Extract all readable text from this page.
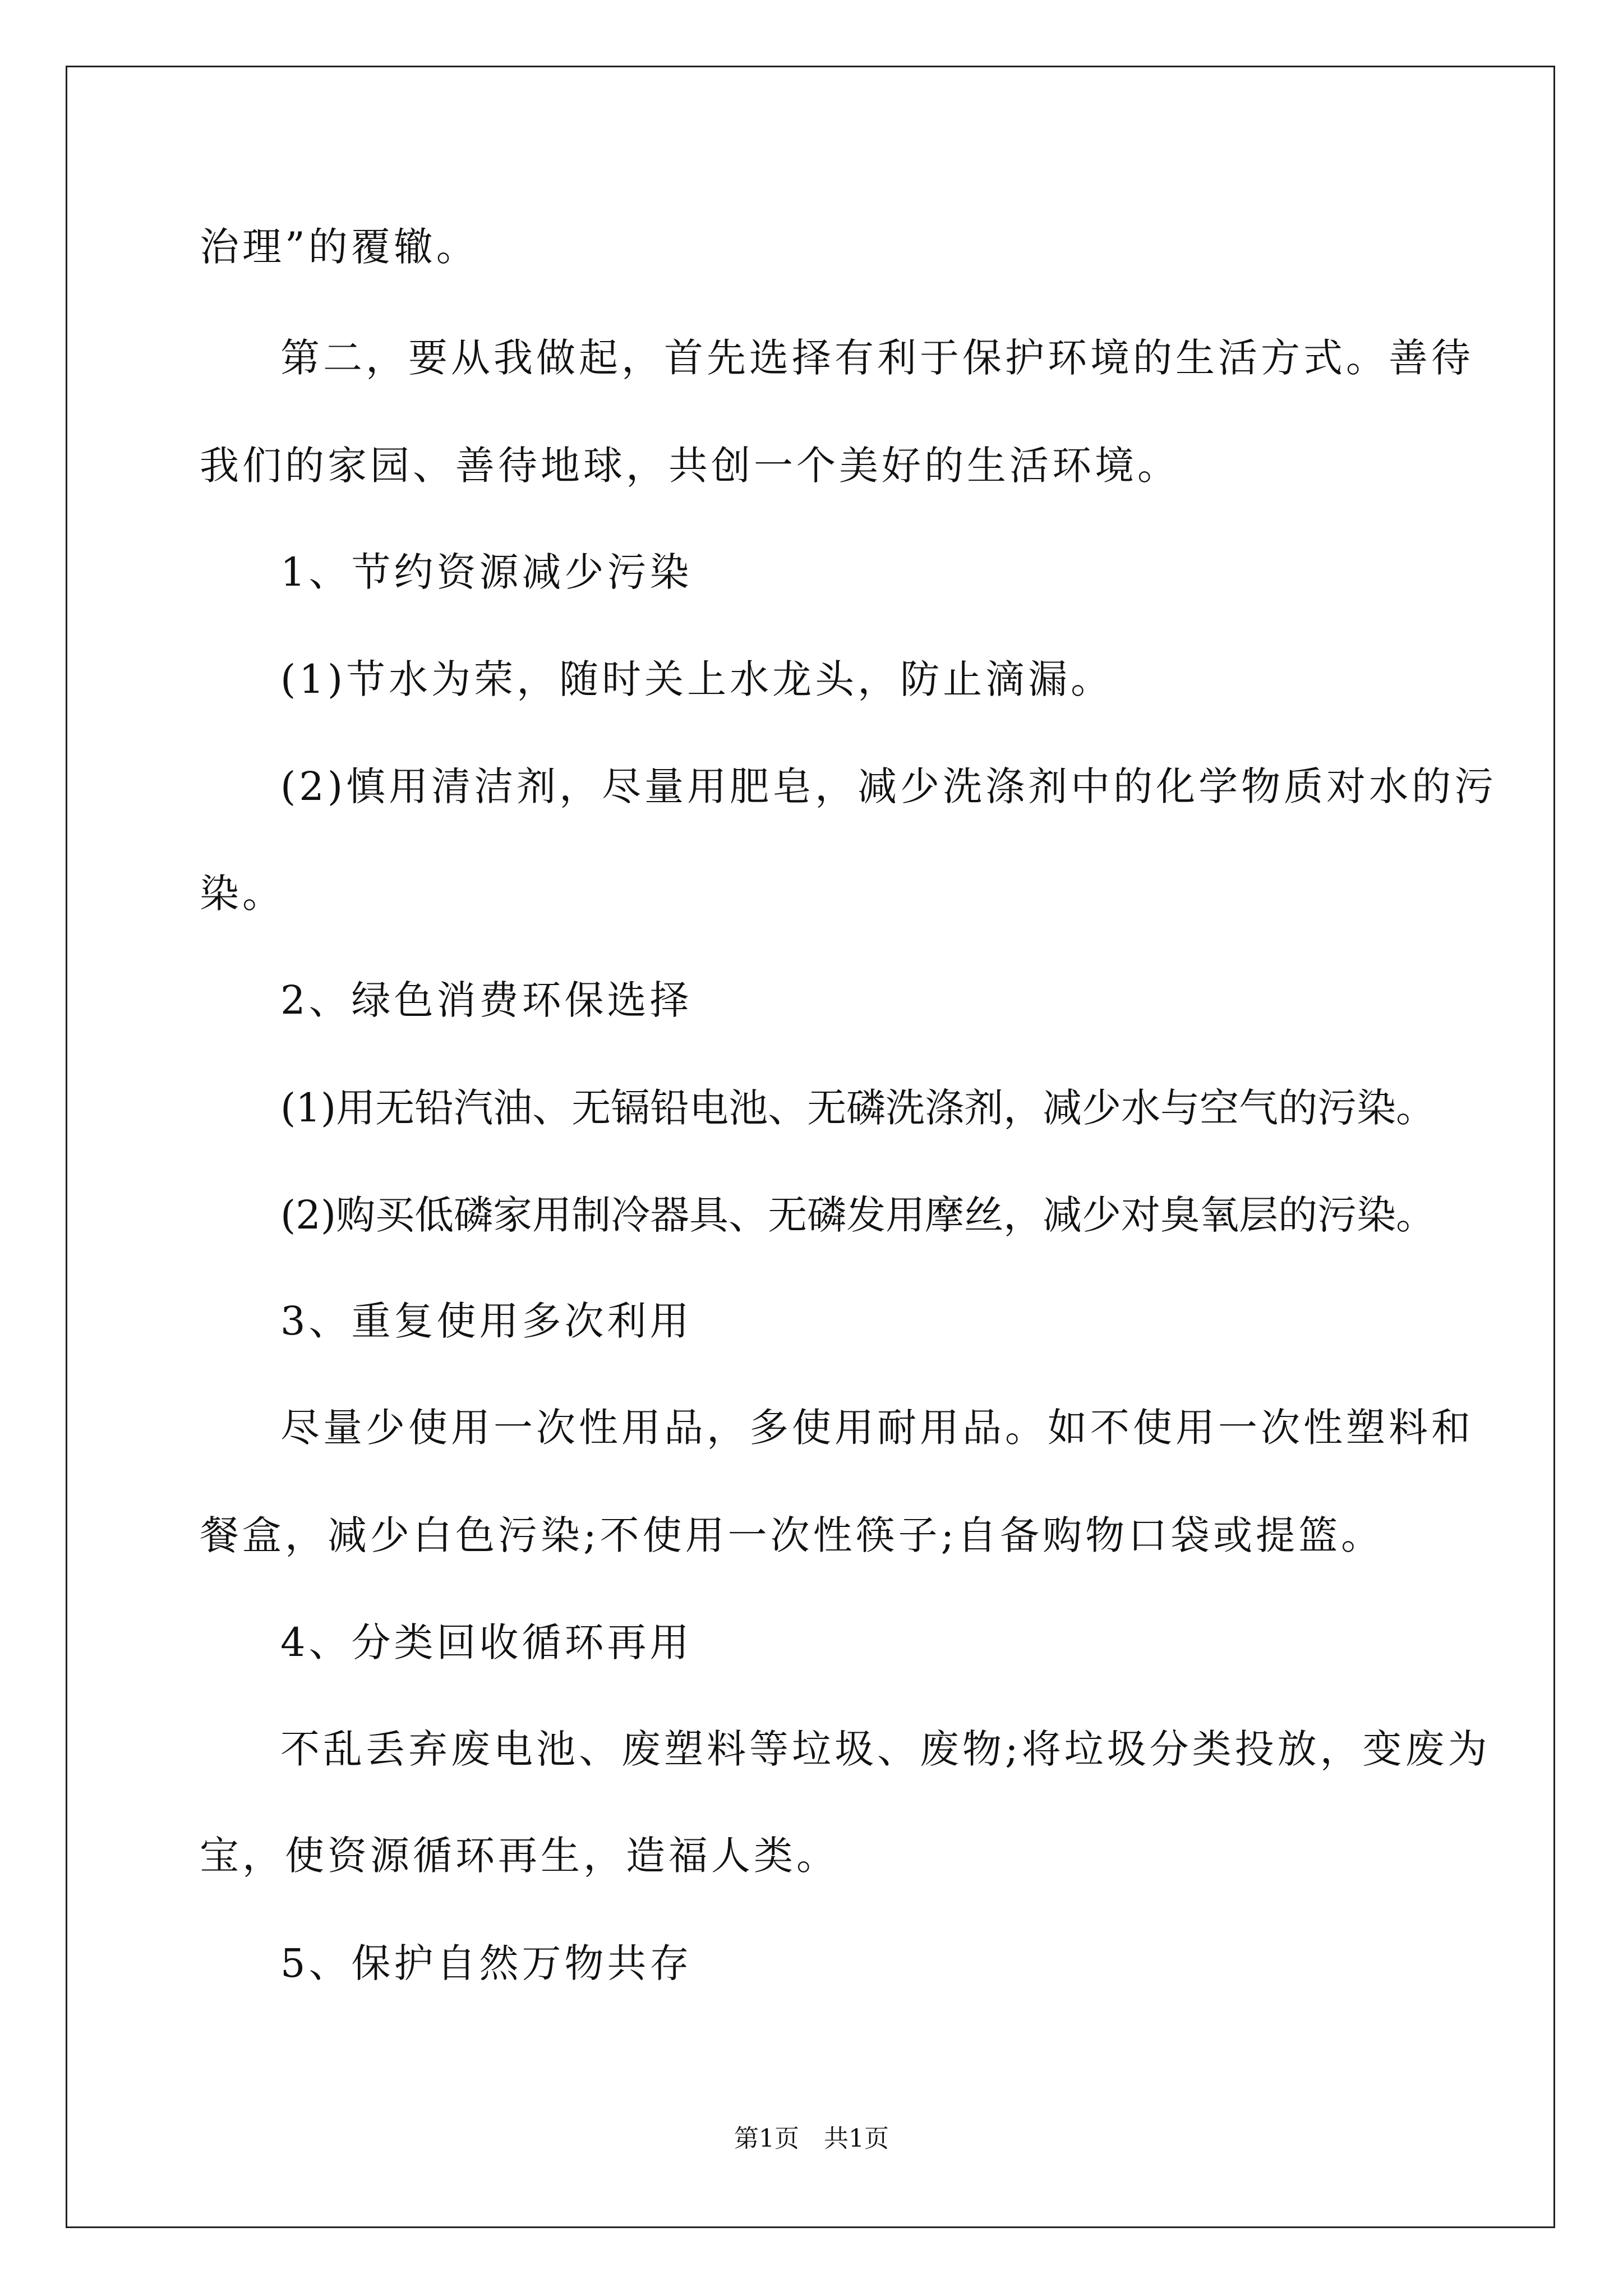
治理”的覆辙。
第二，要从我做起，首先选择有利于保护环境的生活方式。善待
我们的家园、善待地球，共创一个美好的生活环境。
1、节约资源减少污染
(1)节水为荣，随时关上水龙头，防止滴漏。
(2)慎用清洁剂，尽量用肥皂，减少洗涤剂中的化学物质对水的污
染。
2、绿色消费环保选择
(1)用无铅汽油、无镉铅电池、无磷洗涤剂，减少水与空气的污染。
(2)购买低磷家用制冷器具、无磷发用摩丝，减少对臭氧层的污染。
3、重复使用多次利用
尽量少使用一次性用品，多使用耐用品。如不使用一次性塑料和
餐盒，减少白色污染;不使用一次性筷子;自备购物口袋或提篮。
4、分类回收循环再用
不乱丢弃废电池、废塑料等垃圾、废物;将垃圾分类投放，变废为
宝，使资源循环再生，造福人类。
5、保护自然万物共存
第1页 共1页
